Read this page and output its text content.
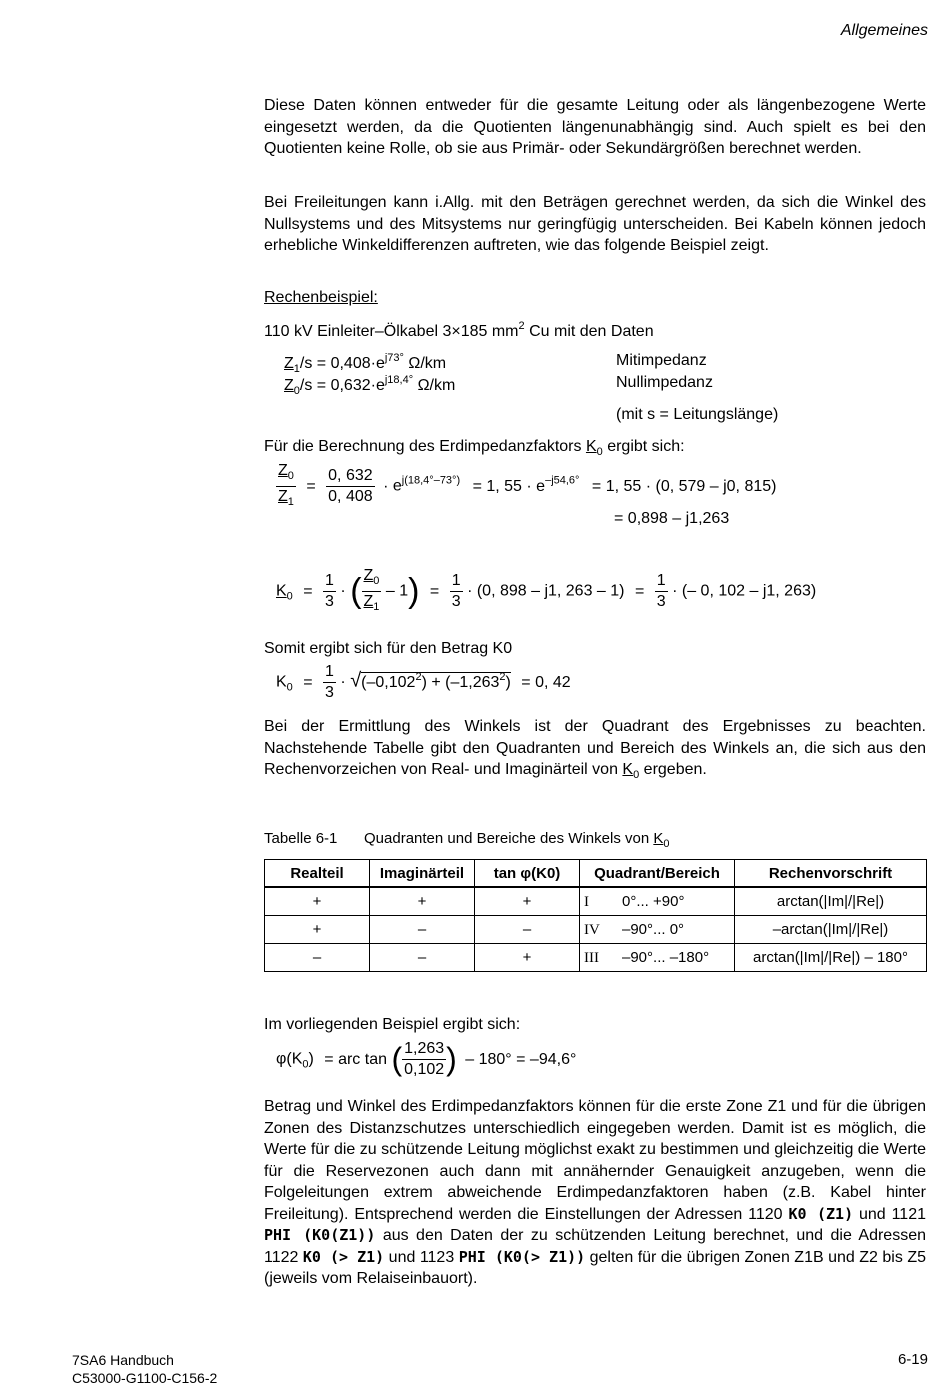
Allgemeines

Diese Daten können entweder für die gesamte Leitung oder als längenbezogene Werte eingesetzt werden, da die Quotienten längenunabhängig sind. Auch spielt es bei den Quotienten keine Rolle, ob sie aus Primär- oder Sekundärgrößen berechnet werden.

Bei Freileitungen kann i.Allg. mit den Beträgen gerechnet werden, da sich die Winkel des Nullsystems und des Mitsystems nur geringfügig unterscheiden. Bei Kabeln können jedoch erhebliche Winkeldifferenzen auftreten, wie das folgende Beispiel zeigt.

Rechenbeispiel:
110 kV Einleiter–Ölkabel 3×185 $mm^2$ Cu mit den Daten
$Z_1/s = 0,408\cdot e^{j73^\circ}$ Ω/km	Mitimpedanz
$Z_0/s = 0,632\cdot e^{j18,4^\circ}$ Ω/km	Nullimpedanz
(mit s = Leitungslänge)
Für die Berechnung des Erdimpedanzfaktors $K_0$ ergibt sich:
$\frac{Z_0}{Z_1} = \frac{0, 632}{0, 408} \cdot e^{j(18,4^\circ-73^\circ)} = 1$, $55 \cdot e^{-j54,6^\circ} = 1$, 55 · (0, 579 – j0, 815)
= 0,898 – j1,263
$K_0 = \frac{1}{3}$ · ( $\frac{Z_0}{Z_1} - 1) = \frac{1}{3} \cdot (0$, 898 – j1, $263 - 1) = \frac{1}{3}$ · (– 0, 102 – j1, 263)
Somit ergibt sich für den Betrag K0
$K_0 = \frac{1}{3} \cdot √(-0,102^2) + (-1,263^2) = 0$, 42

Bei der Ermittlung des Winkels ist der Quadrant des Ergebnisses zu beachten. Nachstehende Tabelle gibt den Quadranten und Bereich des Winkels an, die sich aus den Rechenvorzeichen von Real- und Imaginärteil von $K_0$ ergeben.

Tabelle 6-1 Quadranten und Bereiche des Winkels von $K_0$
Realteil	Imaginärteil	tan φ(K0)	Quadrant/Bereich	Rechenvorschrift
+	+	+	I 0°... +90°	arctan(|Im|/|Re|)
+	–	–	IV –90°... 0°	–arctan(|Im|/|Re|)
–	–	+	III –90°... –180°	arctan(|Im|/|Re|) – 180°
Im vorliegenden Beispiel ergibt sich:
$\varphi(K_0)$ = arc tan ( $\frac{1,263}{0,102}$ ) – 180° = –94,6°

Betrag und Winkel des Erdimpedanzfaktors können für die erste Zone Z1 und für die übrigen Zonen des Distanzschutzes unterschiedlich eingegeben werden. Damit ist es möglich, die Werte für die zu schützende Leitung möglichst exakt zu bestimmen und gleichzeitig die Werte für die Reservezonen auch dann mit annähernder Genauigkeit anzugeben, wenn die Folgeleitungen extrem abweichende Erdimpedanzfaktoren haben (z.B. Kabel hinter Freileitung). Entsprechend werden die Einstellungen der Adressen 1120 K0 (Z1) und 1121 PHI (K0(Z1)) aus den Daten der zu schützenden Leitung berechnet, und die Adressen 1122 K0 (> Z1) und 1123 PHI (K0(> Z1)) gelten für die übrigen Zonen Z1B und Z2 bis Z5 (jeweils vom Relaiseinbauort).

7SA6 Handbuch
C53000-G1100-C156-2
6-19
